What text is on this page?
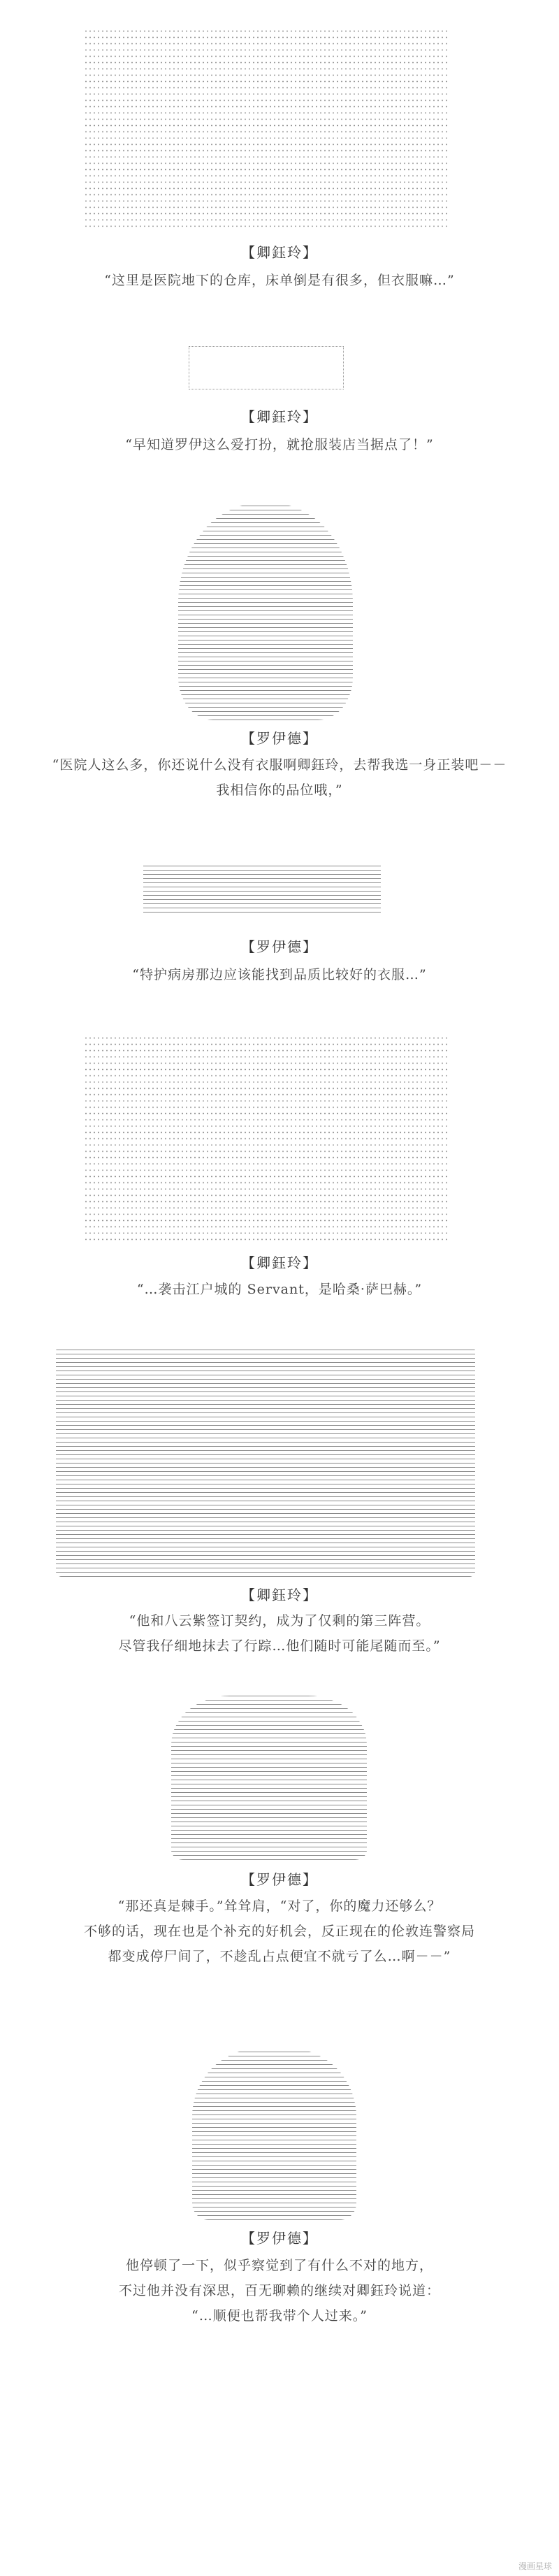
【卿鈺玲】
“这里是医院地下的仓库，床单倒是有很多，但衣服嘛…”
【卿鈺玲】
“早知道罗伊这么爱打扮，就抢服装店当据点了！”
【罗伊德】
“医院人这么多，你还说什么没有衣服啊卿鈺玲，去帮我选一身正装吧－－
我相信你的品位哦，”
【罗伊德】
“特护病房那边应该能找到品质比较好的衣服…”
【卿鈺玲】
“…袭击江户城的 Servant，是哈桑·萨巴赫。”
【卿鈺玲】
“他和八云紫签订契约，成为了仅剩的第三阵营。
尽管我仔细地抹去了行踪…他们随时可能尾随而至。”
【罗伊德】
“那还真是棘手。”耸耸肩，“对了，你的魔力还够么？
不够的话，现在也是个补充的好机会，反正现在的伦敦连警察局
都变成停尸间了，不趁乱占点便宜不就亏了么…啊－－”
【罗伊德】
他停顿了一下，似乎察觉到了有什么不对的地方，
不过他并没有深思，百无聊赖的继续对卿鈺玲说道：
“…顺便也帮我带个人过来。”
漫画星球
